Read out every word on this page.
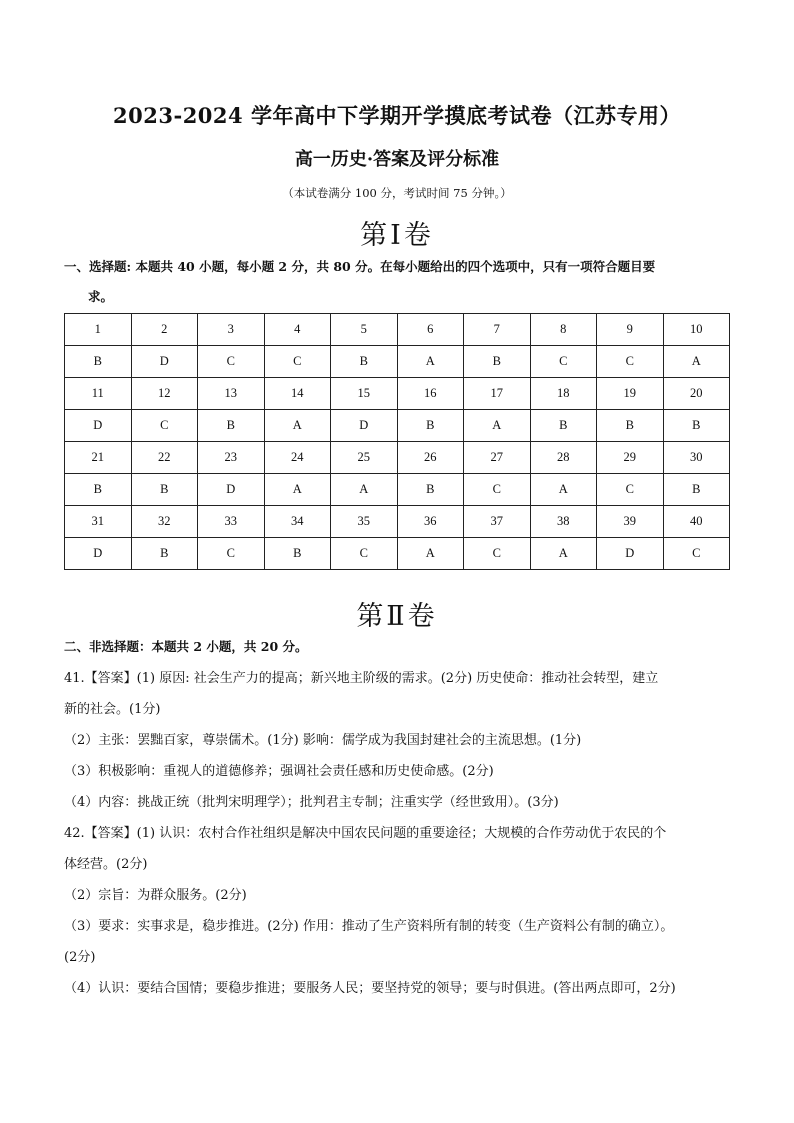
2023-2024 学年高中下学期开学摸底考试卷（江苏专用）
高一历史·答案及评分标准
（本试卷满分 100 分，考试时间 75 分钟。）
第Ⅰ卷
一、选择题: 本题共 40 小题，每小题 2 分，共 80 分。在每小题给出的四个选项中，只有一项符合题目要
求。
1	2	3	4	5	6	7	8	9	10
B	D	C	C	B	A	B	C	C	A
11	12	13	14	15	16	17	18	19	20
D	C	B	A	D	B	A	B	B	B
21	22	23	24	25	26	27	28	29	30
B	B	D	A	A	B	C	A	C	B
31	32	33	34	35	36	37	38	39	40
D	B	C	B	C	A	C	A	D	C
第Ⅱ卷
二、非选择题：本题共 2 小题，共 20 分。
41.【答案】(1) 原因: 社会生产力的提高；新兴地主阶级的需求。(2分) 历史使命：推动社会转型，建立
新的社会。(1分)
（2）主张：罢黜百家，尊崇儒术。(1分) 影响：儒学成为我国封建社会的主流思想。(1分)
（3）积极影响：重视人的道德修养；强调社会责任感和历史使命感。(2分)
（4）内容：挑战正统（批判宋明理学）；批判君主专制；注重实学（经世致用）。(3分)
42.【答案】(1) 认识：农村合作社组织是解决中国农民问题的重要途径；大规模的合作劳动优于农民的个
体经营。(2分)
（2）宗旨：为群众服务。(2分)
（3）要求：实事求是，稳步推进。(2分) 作用：推动了生产资料所有制的转变（生产资料公有制的确立）。
(2分)
（4）认识：要结合国情；要稳步推进；要服务人民；要坚持党的领导；要与时俱进。(答出两点即可，2分)
